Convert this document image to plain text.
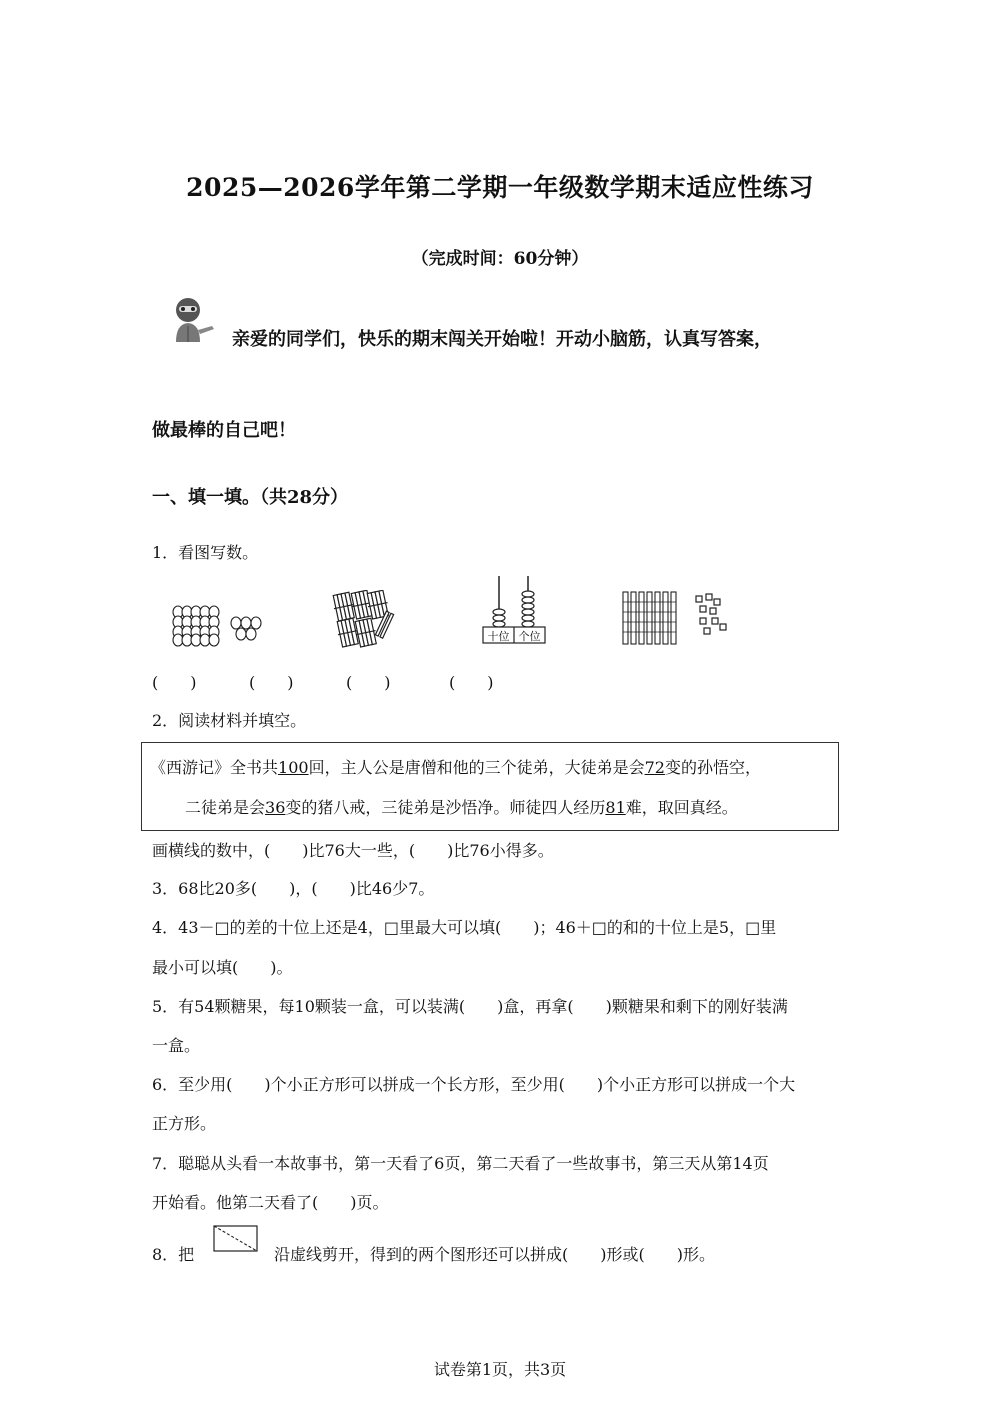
2025—2026学年第二学期一年级数学期末适应性练习
（完成时间：60分钟）
亲爱的同学们，快乐的期末闯关开始啦！开动小脑筋，认真写答案，
做最棒的自己吧！
一、填一填。（共28分）
1．看图写数。
十位 个位
(　　)	(　　)	(　　)	(　　)
2．阅读材料并填空。
《西游记》全书共100回，主人公是唐僧和他的三个徒弟，大徒弟是会72变的孙悟空，
二徒弟是会36变的猪八戒，三徒弟是沙悟净。师徒四人经历81难，取回真经。
画横线的数中，(　　)比76大一些，(　　)比76小得多。
3．68比20多(　　)，(　　)比46少7。
4．43－□的差的十位上还是4，□里最大可以填(　　)；46＋□的和的十位上是5，□里
最小可以填(　　)。
5．有54颗糖果，每10颗装一盒，可以装满(　　)盒，再拿(　　)颗糖果和剩下的刚好装满
一盒。
6．至少用(　　)个小正方形可以拼成一个长方形，至少用(　　)个小正方形可以拼成一个大
正方形。
7．聪聪从头看一本故事书，第一天看了6页，第二天看了一些故事书，第三天从第14页
开始看。他第二天看了(　　)页。
8．把	沿虚线剪开，得到的两个图形还可以拼成(　　)形或(　　)形。
试卷第1页，共3页
